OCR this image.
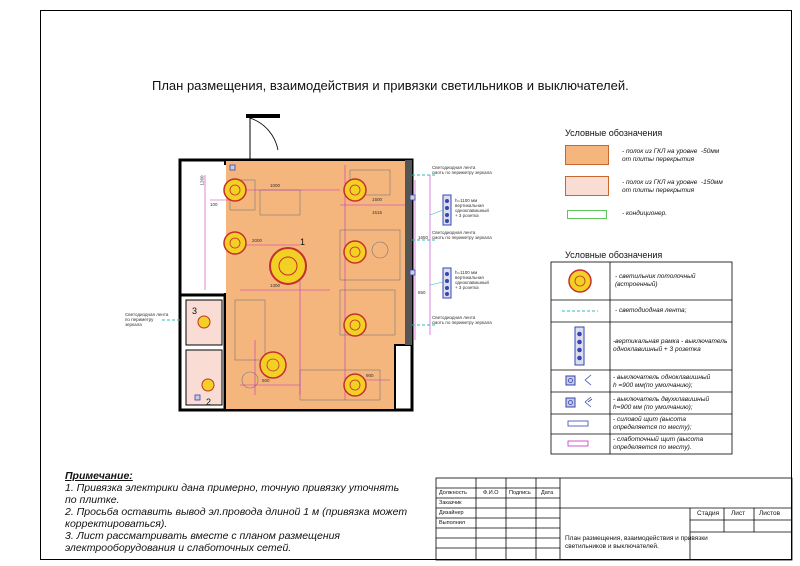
План размещения, взаимодействия и привязки светильников и выключателей.
1
2
3
Светодиодная лента
смоть по периметру зеркала
Светодиодная лента
смоть по периметру зеркала
Светодиодная лента
смоть по периметру зеркала
Светодиодная лента
по периметру
зеркала
h=1100 мм
вертикальная
одноклавишный
+ 3 розетка
h=1100 мм
вертикальная
одноклавишный
+ 3 розетка
1260
100
1000
1300
1500
2000
1650
900
1515
600
850
Условные обозначения
- полок из ГКЛ на уровне  -50мм
от плиты перекрытия
- полок из ГКЛ на уровне  -150мм
от плиты перекрытия
- кондиционер.
Условные обозначения
- светильник потолочный
(встроенный)
- светодиодная лента;
-вертикальная рамка - выключатель
одноклавишный + 3 розетка
- выключатель одноклавишный
h =900 мм(по умолчанию);
- выключатель двухклавишный
h=900 мм (по умолчанию);
- силовой щит (высота
определяется по месту);
- слаботочный щит (высота
определяется по месту).
Примечание:
1. Привязка электрики дана примерно, точную привязку уточнять
по плитке.
2. Просьба оставить вывод эл.провода длиной 1 м (привязка может
корректироваться).
3. Лист рассматривать вместе с планом размещения
электрооборудования и слаботочных сетей.
Должность	Ф.И.О Подпись Дата
Заказчик
Дизайнер
Выполнил
Стадия Лист Листов
План размещения, взаимодействия и привязки
светильников и выключателей.
